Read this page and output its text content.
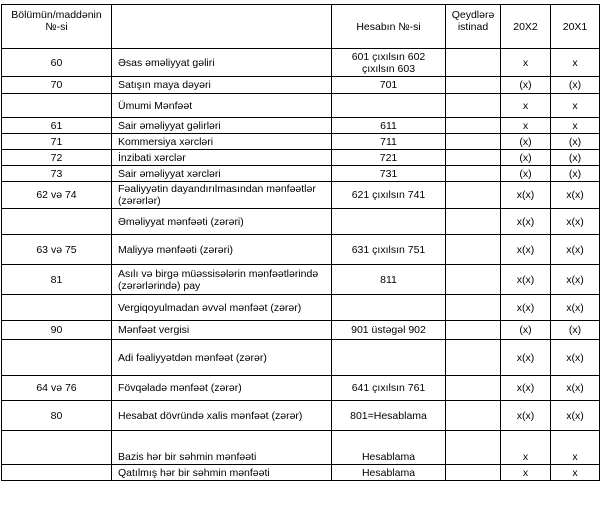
Bölümün/maddənin №-si		Hesabın №-si	Qeydlərə istinad	20X2	20X1
60	Əsas əməliyyat gəliri	601 çıxılsın 602 çıxılsın 603		x	x
70	Satışın maya dəyəri	701		(x)	(x)
	Ümumi Mənfəət			x	x
61	Sair əməliyyat gəlirləri	611		x	x
71	Kommersiya xərcləri	711		(x)	(x)
72	İnzibati xərclər	721		(x)	(x)
73	Sair əməliyyat xərcləri	731		(x)	(x)
62 və 74	Fəaliyyətin dayandırılmasından mənfəətlər (zərərlər)	621 çıxılsın 741		x(x)	x(x)
	Əməliyyat mənfəəti (zərəri)			x(x)	x(x)
63 və 75	Maliyyə mənfəəti (zərəri)	631 çıxılsın 751		x(x)	x(x)
81	Asılı və birgə müəssisələrin mənfəətlərində (zərərlərində) pay	811		x(x)	x(x)
	Vergiqoyulmadan əvvəl mənfəət (zərər)			x(x)	x(x)
90	Mənfəət vergisi	901 üstəgəl 902		(x)	(x)
	Adi fəaliyyətdən mənfəət (zərər)			x(x)	x(x)
64 və 76	Fövqəladə mənfəət (zərər)	641 çıxılsın 761		x(x)	x(x)
80	Hesabat dövründə xalis mənfəət (zərər)	801=Hesablama		x(x)	x(x)
	Bazis hər bir səhmin mənfəəti	Hesablama		x	x
	Qatılmış hər bir səhmin mənfəəti	Hesablama		x	x
